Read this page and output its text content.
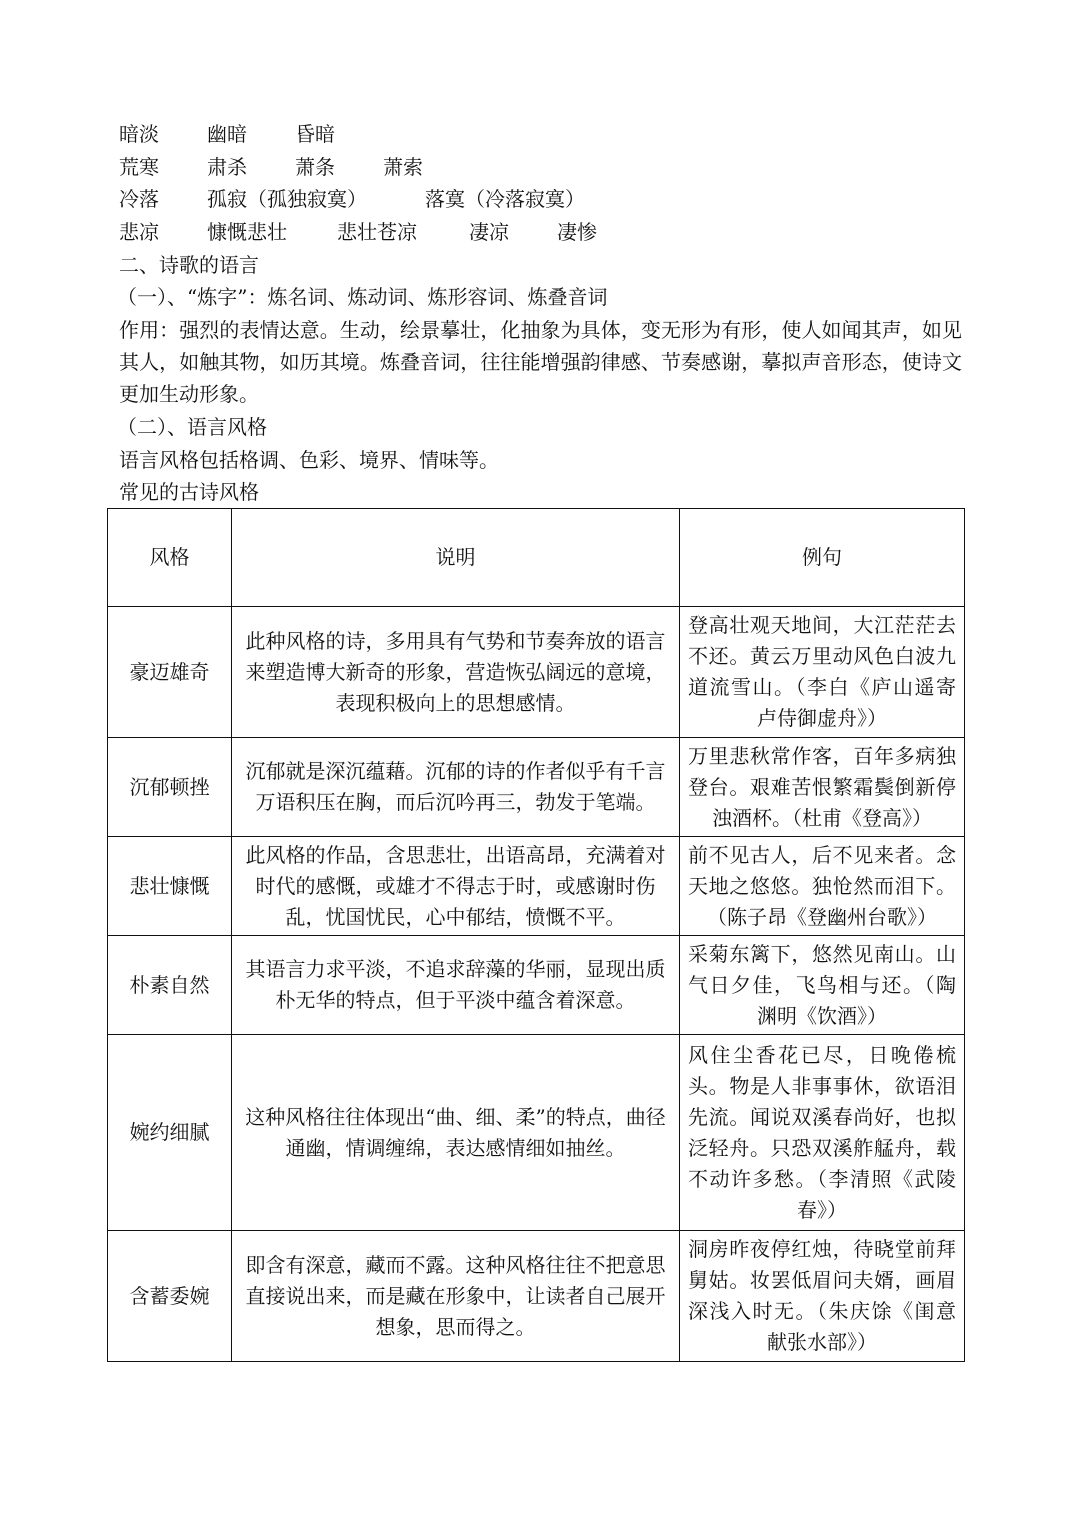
暗淡 幽暗 昏暗
荒寒 肃杀 萧条 萧索
冷落 孤寂（孤独寂寞）	落寞（冷落寂寞）
悲凉 慷慨悲壮	悲壮苍凉	凄凉 凄惨

二、诗歌的语言

（一）、“炼字”：炼名词、炼动词、炼形容词、炼叠音词

作用：强烈的表情达意。生动，绘景摹壮，化抽象为具体，变无形为有形，使人如闻其声，如见其人，如触其物，如历其境。炼叠音词，往往能增强韵律感、节奏感谢，摹拟声音形态，使诗文更加生动形象。

（二）、语言风格

语言风格包括格调、色彩、境界、情味等。

常见的古诗风格

风格	说明	例句
豪迈雄奇	此种风格的诗，多用具有气势和节奏奔放的语言来塑造博大新奇的形象，营造恢弘阔远的意境，表现积极向上的思想感情。	登高壮观天地间，大江茫茫去不还。黄云万里动风色白波九道流雪山。（李白《庐山遥寄卢侍御虚舟》）
沉郁顿挫	沉郁就是深沉蕴藉。沉郁的诗的作者似乎有千言万语积压在胸，而后沉吟再三，勃发于笔端。	万里悲秋常作客，百年多病独登台。艰难苦恨繁霜鬓倒新停浊酒杯。（杜甫《登高》）
悲壮慷慨	此风格的作品，含思悲壮，出语高昂，充满着对时代的感慨，或雄才不得志于时，或感谢时伤乱，忧国忧民，心中郁结，愤慨不平。	前不见古人，后不见来者。念天地之悠悠。独怆然而泪下。（陈子昂《登幽州台歌》）
朴素自然	其语言力求平淡，不追求辞藻的华丽，显现出质朴无华的特点，但于平淡中蕴含着深意。	采菊东篱下，悠然见南山。山气日夕佳，飞鸟相与还。（陶渊明《饮酒》）
婉约细腻	这种风格往往体现出“曲、细、柔”的特点，曲径通幽，情调缠绵，表达感情细如抽丝。	风住尘香花已尽，日晚倦梳头。物是人非事事休，欲语泪先流。闻说双溪春尚好，也拟泛轻舟。只恐双溪舴艋舟，载不动许多愁。（李清照《武陵春》）
含蓄委婉	即含有深意，藏而不露。这种风格往往不把意思直接说出来，而是藏在形象中，让读者自己展开想象，思而得之。	洞房昨夜停红烛，待晓堂前拜舅姑。妆罢低眉问夫婿，画眉深浅入时无。（朱庆馀《闺意献张水部》）
